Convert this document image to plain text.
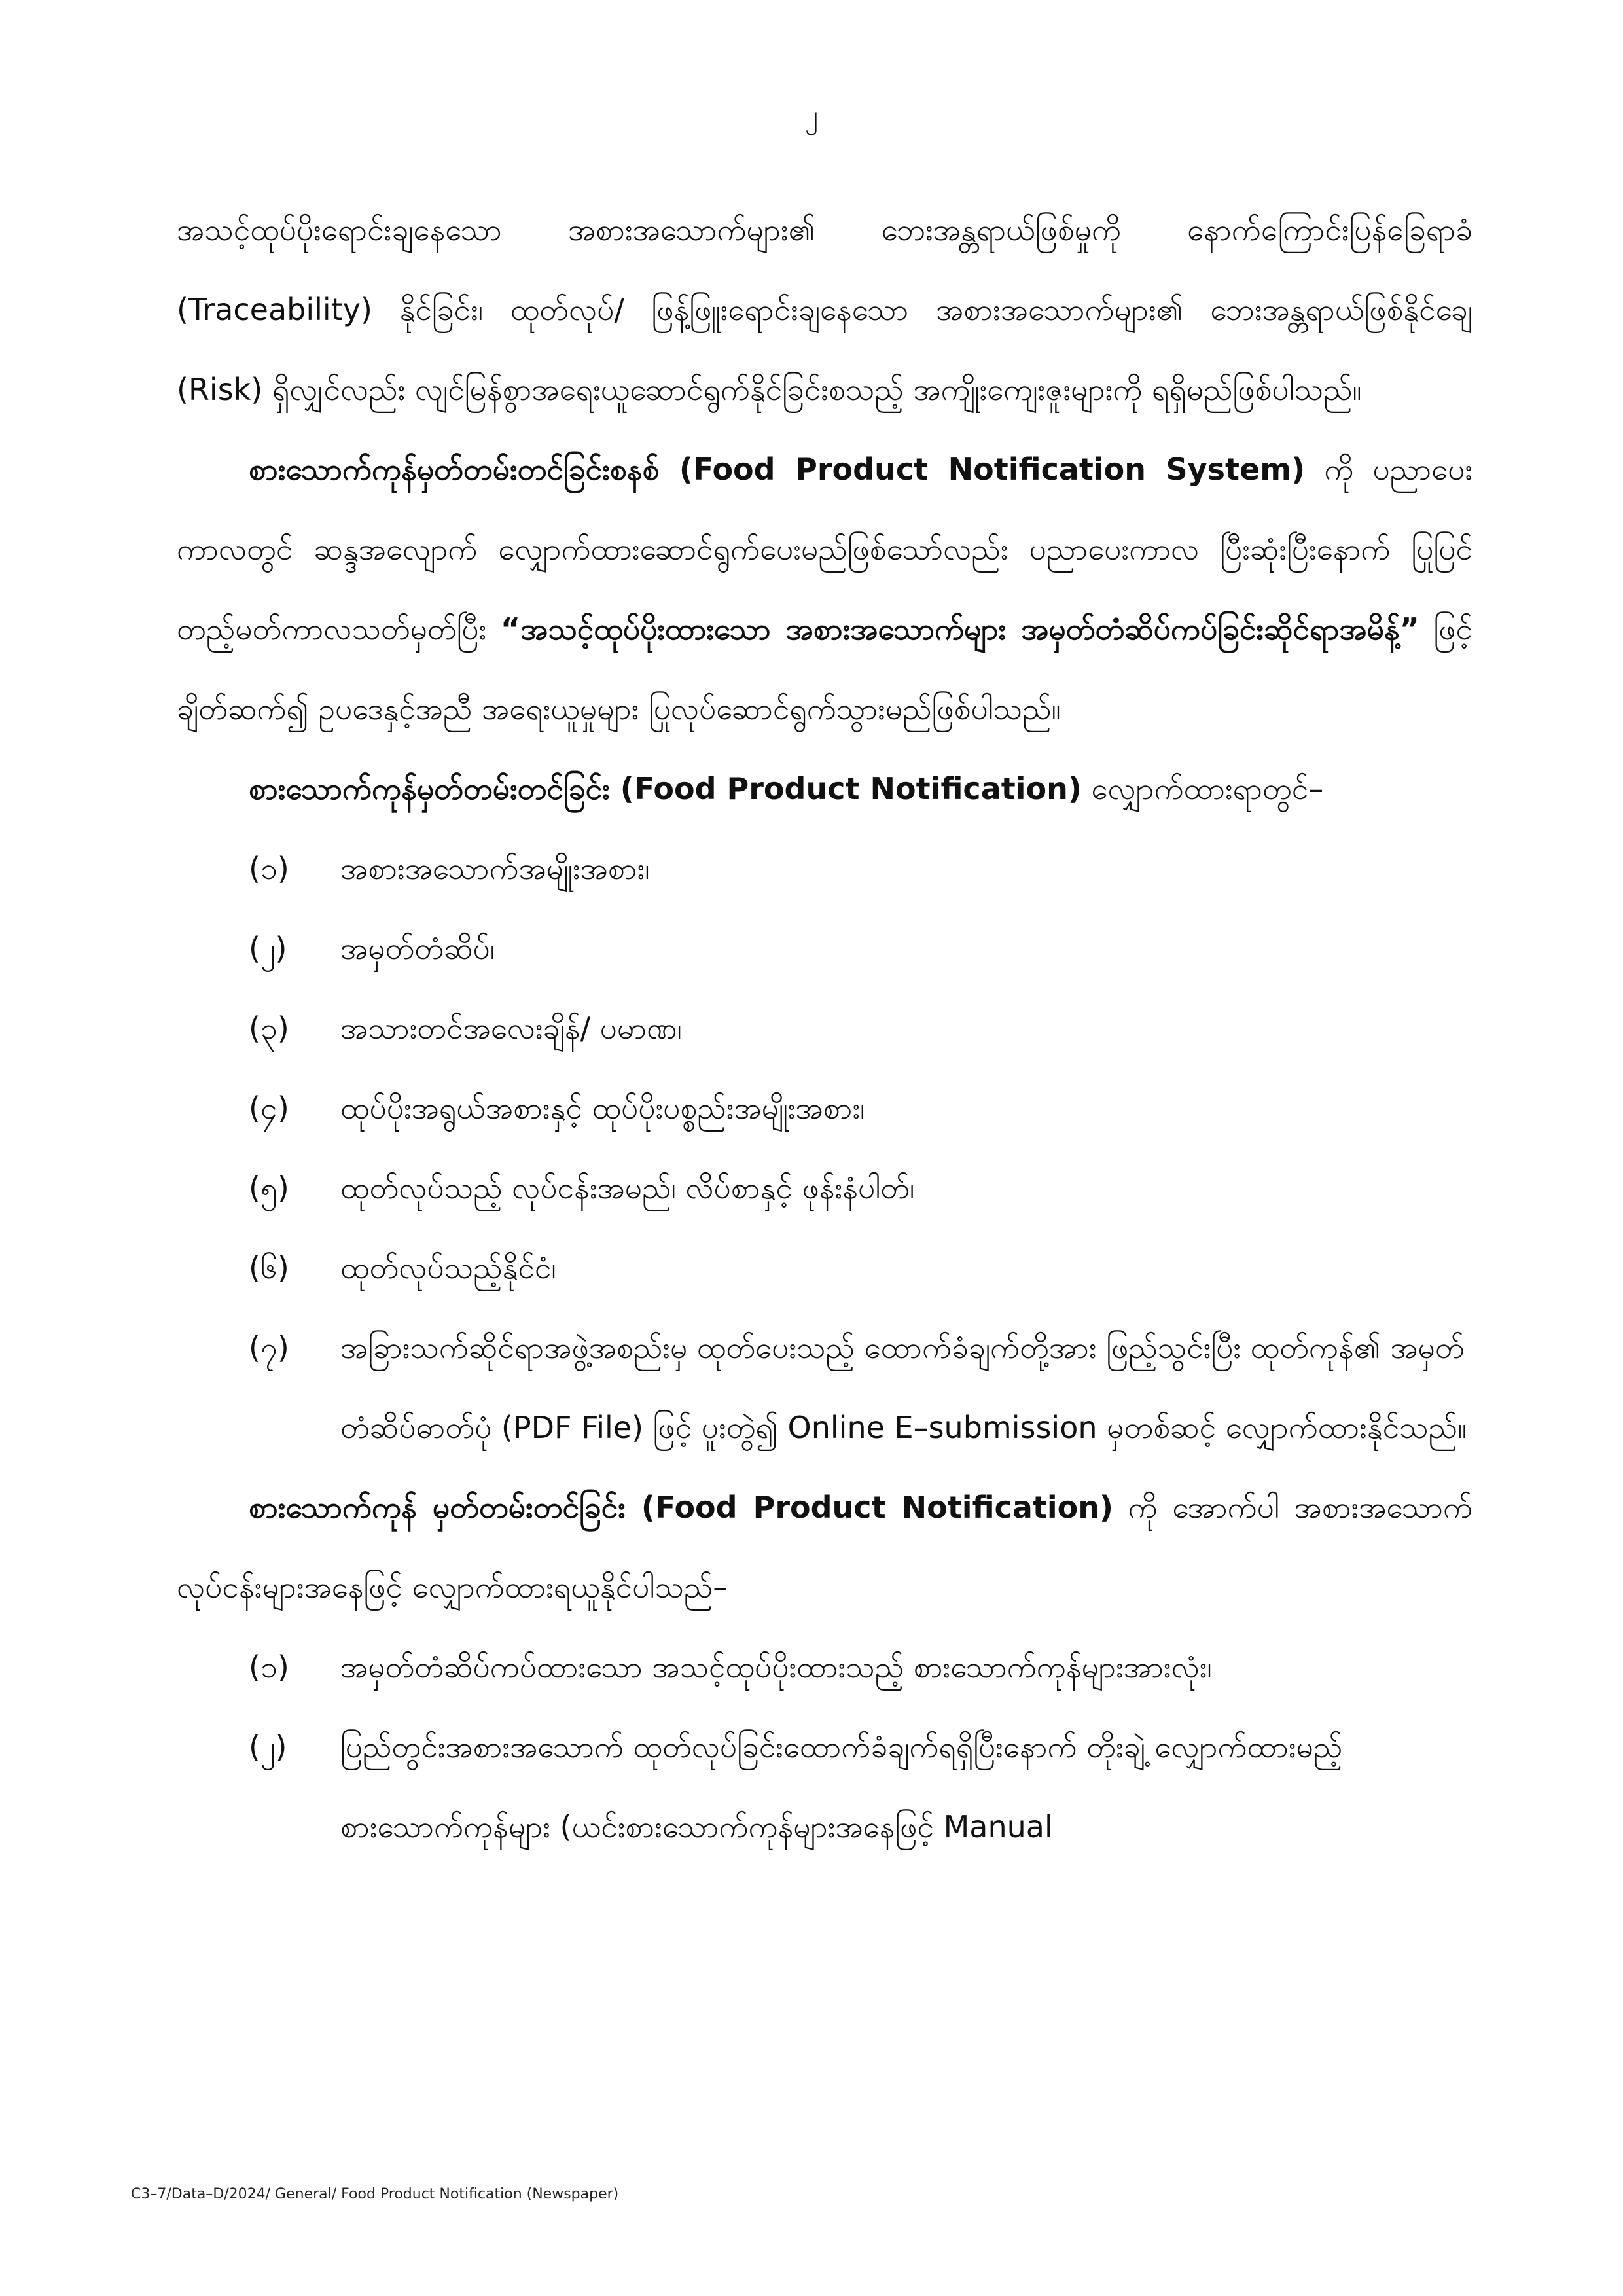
၂

အသင့်ထုပ်ပိုးရောင်းချနေသော အစားအသောက်များ၏ ဘေးအန္တရာယ်ဖြစ်မှုကို နောက်ကြောင်းပြန်ခြေရာခံ (Traceability) နိုင်ခြင်း၊ ထုတ်လုပ်/ ဖြန့်ဖြူးရောင်းချနေသော အစားအသောက်များ၏ ဘေးအန္တရာယ်ဖြစ်နိုင်ချေ (Risk) ရှိလျှင်လည်း လျင်မြန်စွာအရေးယူဆောင်ရွက်နိုင်ခြင်းစသည့် အကျိုးကျေးဇူးများကို ရရှိမည်ဖြစ်ပါသည်။

စားသောက်ကုန်မှတ်တမ်းတင်ခြင်းစနစ် (Food Product Notification System) ကို ပညာပေးကာလတွင် ဆန္ဒအလျောက် လျှောက်ထားဆောင်ရွက်ပေးမည်ဖြစ်သော်လည်း ပညာပေးကာလ ပြီးဆုံးပြီးနောက် ပြုပြင်တည့်မတ်ကာလသတ်မှတ်ပြီး “အသင့်ထုပ်ပိုးထားသော အစားအသောက်များ အမှတ်တံဆိပ်ကပ်ခြင်းဆိုင်ရာအမိန့်” ဖြင့် ချိတ်ဆက်၍ ဥပဒေနှင့်အညီ အရေးယူမှုများ ပြုလုပ်ဆောင်ရွက်သွားမည်ဖြစ်ပါသည်။

စားသောက်ကုန်မှတ်တမ်းတင်ခြင်း (Food Product Notification) လျှောက်ထားရာတွင်–

(၁) အစားအသောက်အမျိုးအစား၊
(၂) အမှတ်တံဆိပ်၊
(၃) အသားတင်အလေးချိန်/ ပမာဏ၊
(၄) ထုပ်ပိုးအရွယ်အစားနှင့် ထုပ်ပိုးပစ္စည်းအမျိုးအစား၊
(၅) ထုတ်လုပ်သည့် လုပ်ငန်းအမည်၊ လိပ်စာနှင့် ဖုန်းနံပါတ်၊
(၆) ထုတ်လုပ်သည့်နိုင်ငံ၊
(၇) အခြားသက်ဆိုင်ရာအဖွဲ့အစည်းမှ ထုတ်ပေးသည့် ထောက်ခံချက်တို့အား ဖြည့်သွင်းပြီး ထုတ်ကုန်၏ အမှတ်တံဆိပ်ဓာတ်ပုံ (PDF File) ဖြင့် ပူးတွဲ၍ Online E–submission မှတစ်ဆင့် လျှောက်ထားနိုင်သည်။

စားသောက်ကုန် မှတ်တမ်းတင်ခြင်း (Food Product Notification) ကို အောက်ပါ အစားအသောက်လုပ်ငန်းများအနေဖြင့် လျှောက်ထားရယူနိုင်ပါသည်–

(၁) အမှတ်တံဆိပ်ကပ်ထားသော အသင့်ထုပ်ပိုးထားသည့် စားသောက်ကုန်များအားလုံး၊
(၂) ပြည်တွင်းအစားအသောက် ထုတ်လုပ်ခြင်းထောက်ခံချက်ရရှိပြီးနောက် တိုးချဲ့ လျှောက်ထားမည့် စားသောက်ကုန်များ (ယင်းစားသောက်ကုန်များအနေဖြင့် Manual
C3–7/Data–D/2024/ General/ Food Product Notification (Newspaper)
